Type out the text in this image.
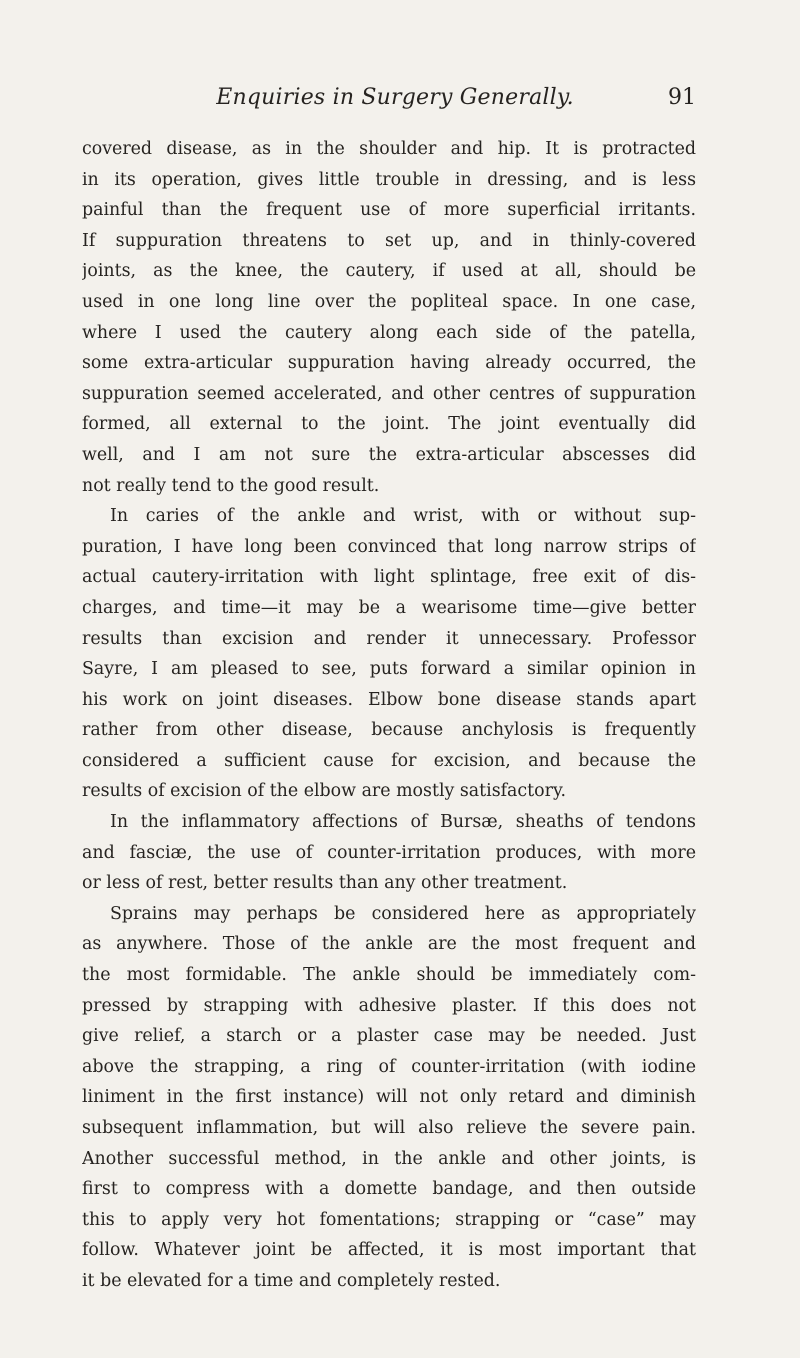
Enquiries in Surgery Generally.	91
covered disease, as in the shoulder and hip. It is protracted
in its operation, gives little trouble in dressing, and is less
painful than the frequent use of more superficial irritants.
If suppuration threatens to set up, and in thinly-covered
joints, as the knee, the cautery, if used at all, should be
used in one long line over the popliteal space. In one case,
where I used the cautery along each side of the patella,
some extra-articular suppuration having already occurred, the
suppuration seemed accelerated, and other centres of suppuration
formed, all external to the joint. The joint eventually did
well, and I am not sure the extra-articular abscesses did
not really tend to the good result.
In caries of the ankle and wrist, with or without sup-
puration, I have long been convinced that long narrow strips of
actual cautery-irritation with light splintage, free exit of dis-
charges, and time—it may be a wearisome time—give better
results than excision and render it unnecessary. Professor
Sayre, I am pleased to see, puts forward a similar opinion in
his work on joint diseases. Elbow bone disease stands apart
rather from other disease, because anchylosis is frequently
considered a sufficient cause for excision, and because the
results of excision of the elbow are mostly satisfactory.
In the inflammatory affections of Bursæ, sheaths of tendons
and fasciæ, the use of counter-irritation produces, with more
or less of rest, better results than any other treatment.
Sprains may perhaps be considered here as appropriately
as anywhere. Those of the ankle are the most frequent and
the most formidable. The ankle should be immediately com-
pressed by strapping with adhesive plaster. If this does not
give relief, a starch or a plaster case may be needed. Just
above the strapping, a ring of counter-irritation (with iodine
liniment in the first instance) will not only retard and diminish
subsequent inflammation, but will also relieve the severe pain.
Another successful method, in the ankle and other joints, is
first to compress with a domette bandage, and then outside
this to apply very hot fomentations; strapping or “case” may
follow. Whatever joint be affected, it is most important that
it be elevated for a time and completely rested.
